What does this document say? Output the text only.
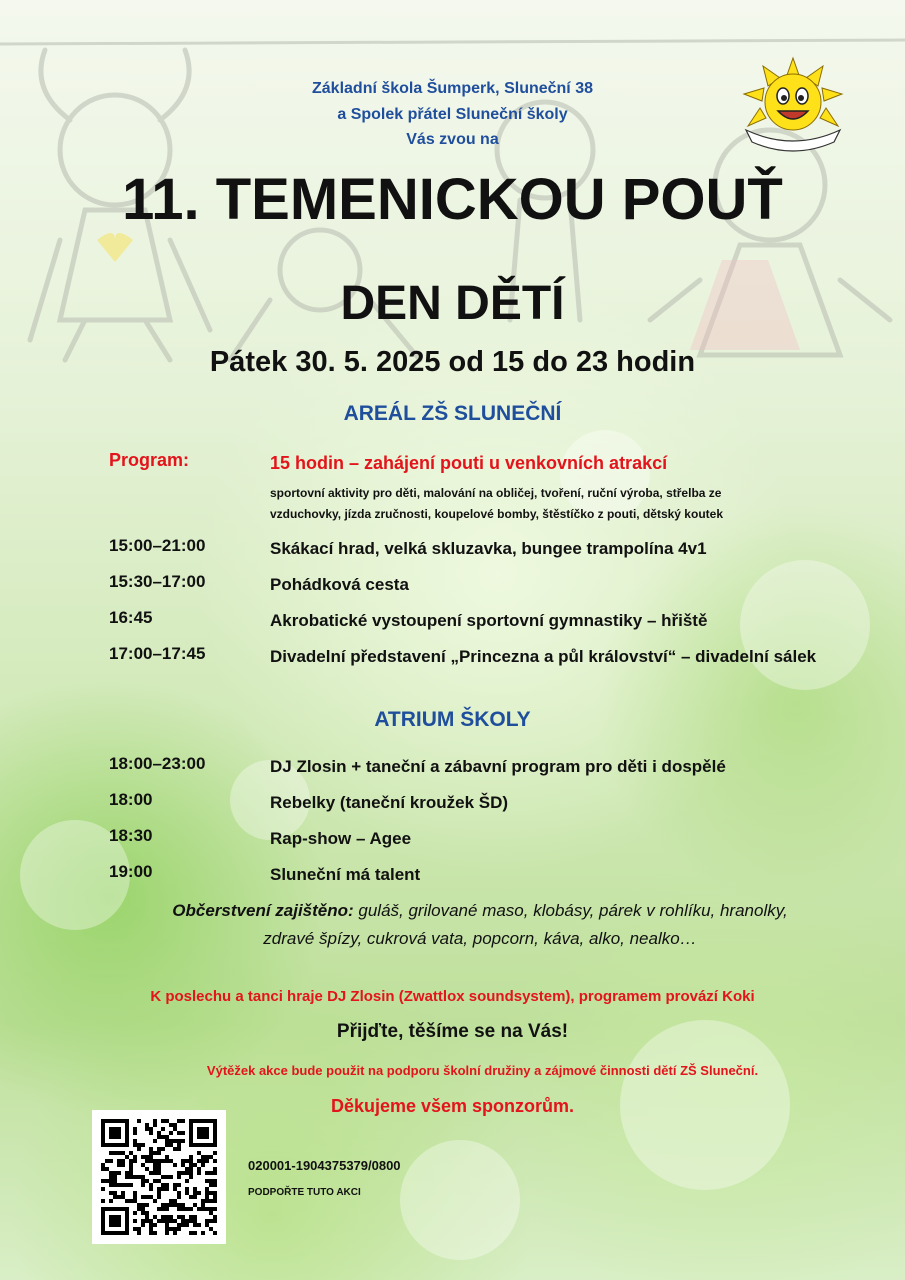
Základní škola Šumperk, Sluneční 38
a Spolek přátel Sluneční školy
Vás zvou na
11. TEMENICKOU POUŤ
DEN DĚTÍ
Pátek 30. 5. 2025 od 15 do 23 hodin
AREÁL ZŠ SLUNEČNÍ
Program:	15 hodin – zahájení pouti u venkovních atrakcí
sportovní aktivity pro děti, malování na obličej, tvoření, ruční výroba, střelba ze
vzduchovky, jízda zručnosti, koupelové bomby, štěstíčko z pouti, dětský koutek
15:00–21:00	Skákací hrad, velká skluzavka, bungee trampolína 4v1
15:30–17:00	Pohádková cesta
16:45	Akrobatické vystoupení sportovní gymnastiky – hřiště
17:00–17:45	Divadelní představení „Princezna a půl království“ – divadelní sálek
ATRIUM ŠKOLY
18:00–23:00	DJ Zlosin + taneční a zábavní program pro děti i dospělé
18:00	Rebelky (taneční kroužek ŠD)
18:30	Rap-show – Agee
19:00	Sluneční má talent
Občerstvení zajištěno: guláš, grilované maso, klobásy, párek v rohlíku, hranolky,
zdravé špízy, cukrová vata, popcorn, káva, alko, nealko…
K poslechu a tanci hraje DJ Zlosin (Zwattlox soundsystem), programem provází Koki
Přijďte, těšíme se na Vás!
Výtěžek akce bude použit na podporu školní družiny a zájmové činnosti dětí ZŠ Sluneční.
Děkujeme všem sponzorům.
020001-1904375379/0800
PODPOŘTE TUTO AKCI
